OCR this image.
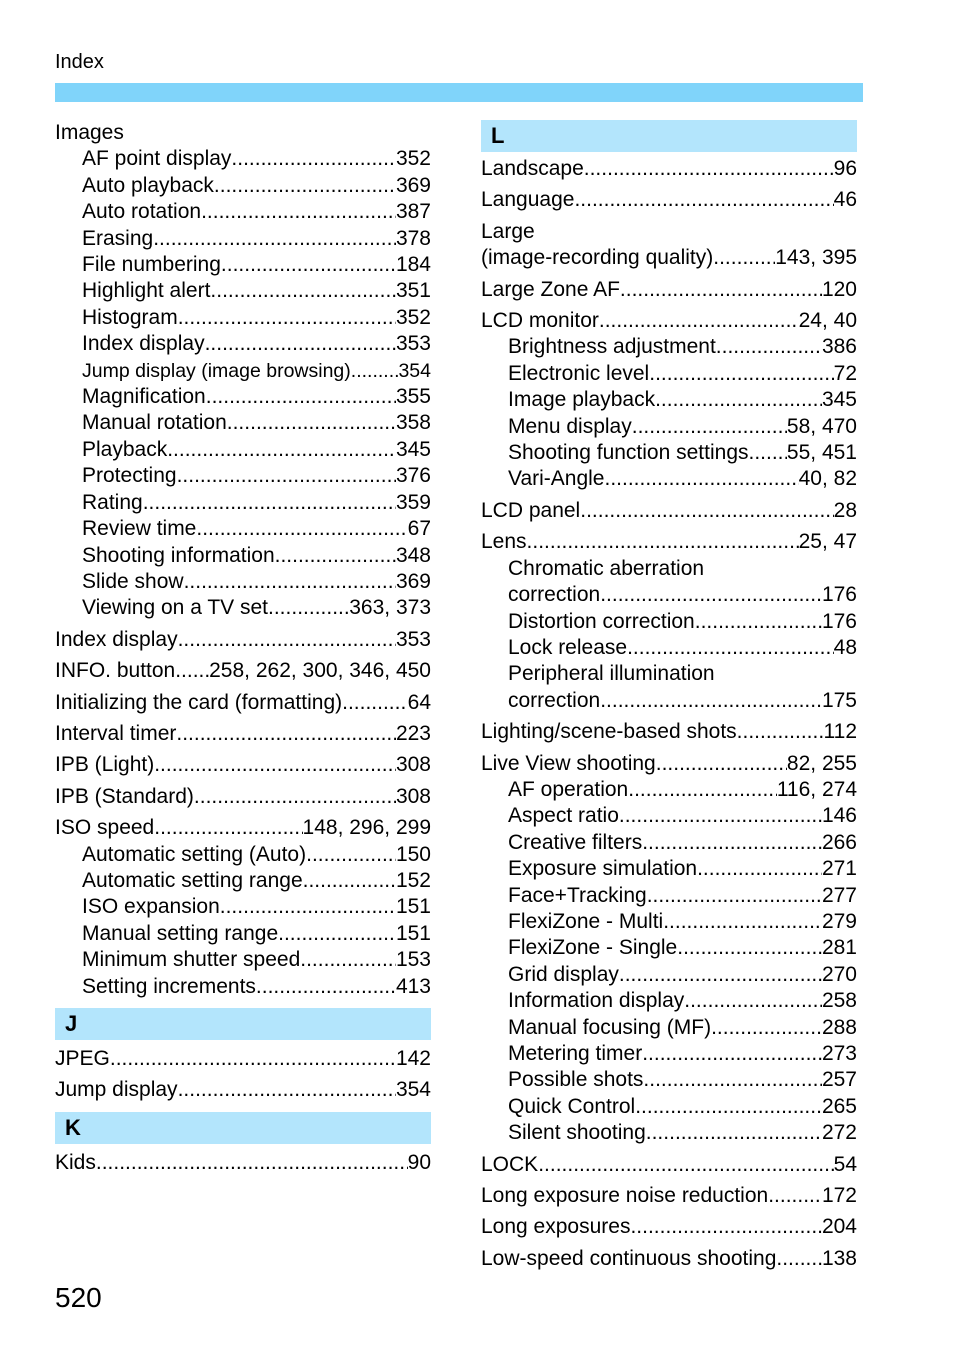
Index
Images
AF point display .....	352
Auto playback .....	369
Auto rotation .....	387
Erasing .....	378
File numbering .....	184
Highlight alert .....	351
Histogram .....	352
Index display .....	353
Jump display (image browsing) ..... 354
Magnification .....	355
Manual rotation .....	358
Playback .....	345
Protecting .....	376
Rating .....	359
Review time .....	67
Shooting information .....	348
Slide show .....	369
Viewing on a TV set .....	363, 373
Index display .....	353
INFO. button ..... 258, 262, 300, 346, 450
Initializing the card (formatting) .....	64
Interval timer .....	223
IPB (Light) .....	308
IPB (Standard) .....	308
ISO speed .....	148, 296, 299
Automatic setting (Auto) .....	150
Automatic setting range .....	152
ISO expansion .....	151
Manual setting range .....	151
Minimum shutter speed .....	153
Setting increments .....	413
J
JPEG .....	142
Jump display .....	354
K
Kids .....	90
L
Landscape .....	96
Language .....	46
Large
(image-recording quality) .....	143, 395
Large Zone AF .....	120
LCD monitor .....	24, 40
Brightness adjustment .....	386
Electronic level .....	72
Image playback .....	345
Menu display .....	58, 470
Shooting function settings ..... 55, 451
Vari-Angle .....	40, 82
LCD panel .....	28
Lens .....	25, 47
Chromatic aberration
correction .....	176
Distortion correction .....	176
Lock release .....	48
Peripheral illumination
correction .....	175
Lighting/scene-based shots .....	112
Live View shooting .....	82, 255
AF operation .....	116, 274
Aspect ratio .....	146
Creative filters .....	266
Exposure simulation .....	271
Face+Tracking .....	277
FlexiZone - Multi .....	279
FlexiZone - Single .....	281
Grid display .....	270
Information display .....	258
Manual focusing (MF) .....	288
Metering timer .....	273
Possible shots .....	257
Quick Control .....	265
Silent shooting .....	272
LOCK .....	54
Long exposure noise reduction .....	172
Long exposures .....	204
Low-speed continuous shooting ..... 138
520
